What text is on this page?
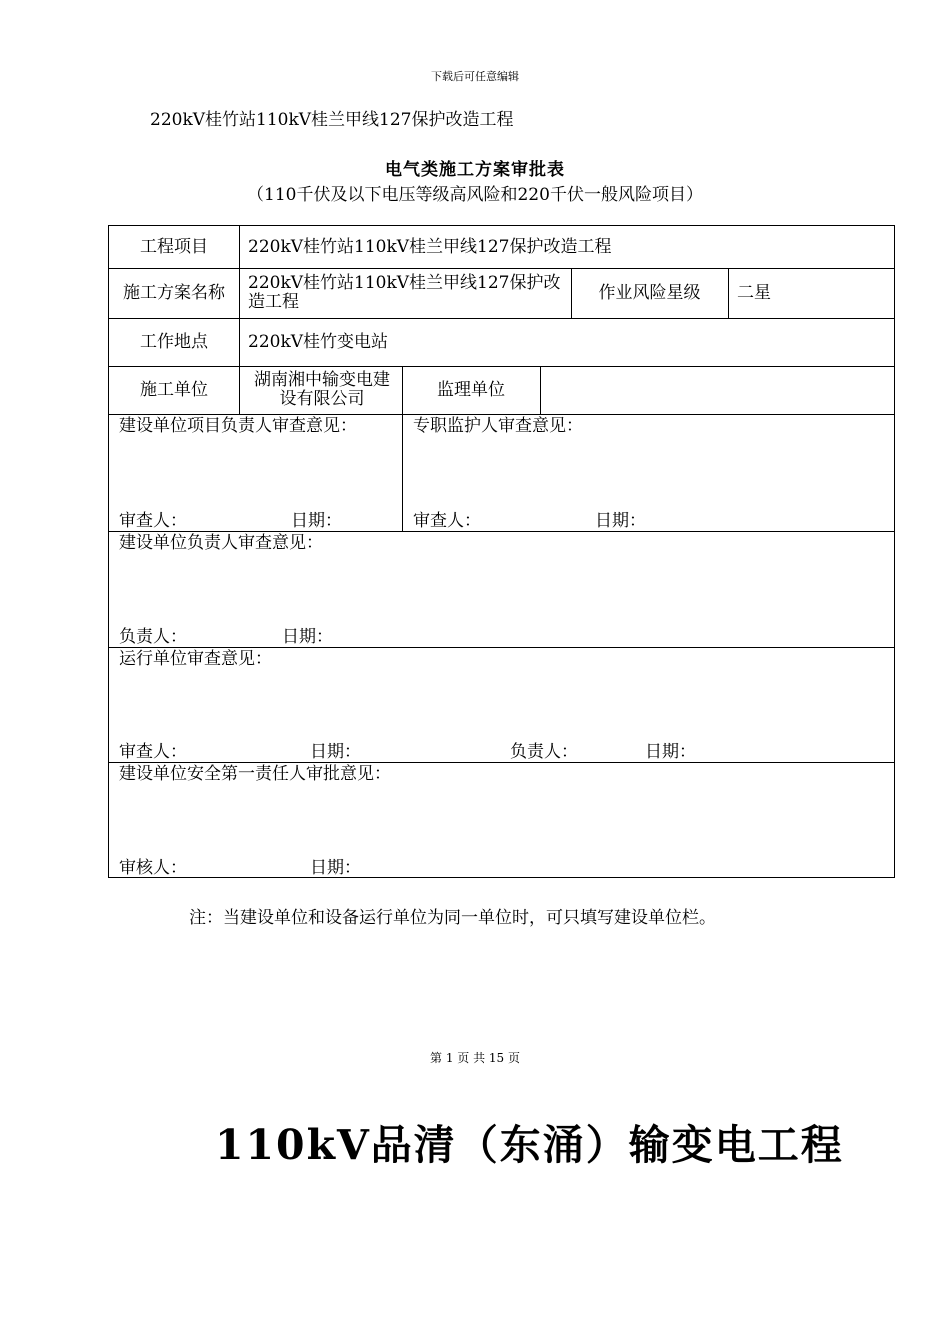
下载后可任意编辑
220kV桂竹站110kV桂兰甲线127保护改造工程
电气类施工方案审批表
（110千伏及以下电压等级高风险和220千伏一般风险项目）
工程项目	220kV桂竹站110kV桂兰甲线127保护改造工程
施工方案名称	220kV桂竹站110kV桂兰甲线127保护改造工程	作业风险星级	二星
工作地点	220kV桂竹变电站
施工单位	湖南湘中输变电建设有限公司	监理单位
建设单位项目负责人审查意见：
审查人：	日期：
专职监护人审查意见：
审查人：	日期：
建设单位负责人审查意见：
负责人：	日期：
运行单位审查意见：
审查人：	日期：	负责人：	日期：
建设单位安全第一责任人审批意见：
审核人：	日期：
注：当建设单位和设备运行单位为同一单位时，可只填写建设单位栏。
第 1 页 共 15 页
110kV品清（东涌）输变电工程
